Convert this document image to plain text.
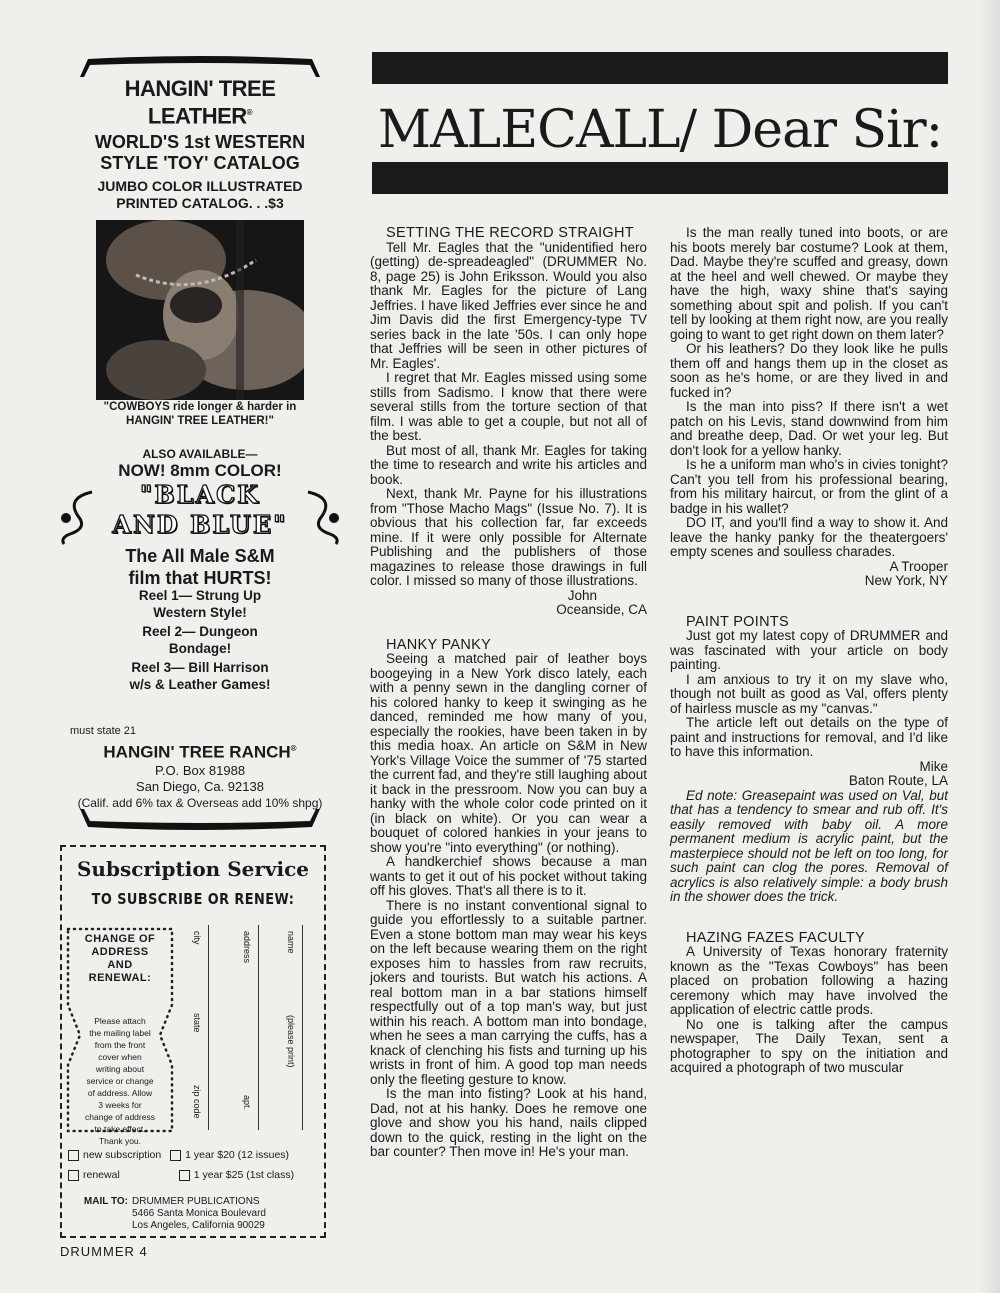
HANGIN' TREE
LEATHER®
WORLD'S 1st WESTERN
STYLE 'TOY' CATALOG
JUMBO COLOR ILLUSTRATED
PRINTED CATALOG. . .$3
"COWBOYS ride longer & harder in
HANGIN' TREE LEATHER!"
ALSO AVAILABLE—
NOW! 8mm COLOR!
"BLACK
AND BLUE"
The All Male S&M
film that HURTS!
Reel 1— Strung Up
Western Style!
Reel 2— Dungeon
Bondage!
Reel 3— Bill Harrison
w/s & Leather Games!
must state 21
HANGIN' TREE RANCH®
P.O. Box 81988
San Diego, Ca. 92138
(Calif. add 6% tax & Overseas add 10% shpg)
Subscription Service
TO SUBSCRIBE OR RENEW:
CHANGE OF
ADDRESS
AND
RENEWAL:
Please attach
the mailing label
from the front
cover when
writing about
service or change
of address. Allow
3 weeks for
change of address
to take effect.
Thank you.
city
state
zip code
address
apt.
name
(please print)
new subscription 1 year $20 (12 issues)
renewal	1 year $25 (1st class)
MAIL TO: DRUMMER PUBLICATIONS
5466 Santa Monica Boulevard
Los Angeles, California 90029
DRUMMER 4
MALECALL/ Dear Sir:

SETTING THE RECORD STRAIGHT

Tell Mr. Eagles that the "unidentified hero (getting) de-spreadeagled" (DRUMMER No. 8, page 25) is John Eriksson. Would you also thank Mr. Eagles for the picture of Lang Jeffries. I have liked Jeffries ever since he and Jim Davis did the first Emergency-type TV series back in the late '50s. I can only hope that Jeffries will be seen in other pictures of Mr. Eagles'.

I regret that Mr. Eagles missed using some stills from Sadismo. I know that there were several stills from the torture section of that film. I was able to get a couple, but not all of the best.

But most of all, thank Mr. Eagles for taking the time to research and write his articles and book.

Next, thank Mr. Payne for his illustrations from "Those Macho Mags" (Issue No. 7). It is obvious that his collection far, far exceeds mine. If it were only possible for Alternate Publishing and the publishers of those magazines to release those drawings in full color. I missed so many of those illustrations.

John

Oceanside, CA

HANKY PANKY

Seeing a matched pair of leather boys boogeying in a New York disco lately, each with a penny sewn in the dangling corner of his colored hanky to keep it swinging as he danced, reminded me how many of you, especially the rookies, have been taken in by this media hoax. An article on S&M in New York's Village Voice the summer of '75 started the current fad, and they're still laughing about it back in the pressroom. Now you can buy a hanky with the whole color code printed on it (in black on white). Or you can wear a bouquet of colored hankies in your jeans to show you're "into everything" (or nothing).

A handkerchief shows because a man wants to get it out of his pocket without taking off his gloves. That's all there is to it.

There is no instant conventional signal to guide you effortlessly to a suitable partner. Even a stone bottom man may wear his keys on the left because wearing them on the right exposes him to hassles from raw recruits, jokers and tourists. But watch his actions. A real bottom man in a bar stations himself respectfully out of a top man's way, but just within his reach. A bottom man into bondage, when he sees a man carrying the cuffs, has a knack of clenching his fists and turning up his wrists in front of him. A good top man needs only the fleeting gesture to know.

Is the man into fisting? Look at his hand, Dad, not at his hanky. Does he remove one glove and show you his hand, nails clipped down to the quick, resting in the light on the bar counter? Then move in! He's your man.

Is the man really tuned into boots, or are his boots merely bar costume? Look at them, Dad. Maybe they're scuffed and greasy, down at the heel and well chewed. Or maybe they have the high, waxy shine that's saying something about spit and polish. If you can't tell by looking at them right now, are you really going to want to get right down on them later?

Or his leathers? Do they look like he pulls them off and hangs them up in the closet as soon as he's home, or are they lived in and fucked in?

Is the man into piss? If there isn't a wet patch on his Levis, stand downwind from him and breathe deep, Dad. Or wet your leg. But don't look for a yellow hanky.

Is he a uniform man who's in civies tonight? Can't you tell from his professional bearing, from his military haircut, or from the glint of a badge in his wallet?

DO IT, and you'll find a way to show it. And leave the hanky panky for the theatergoers' empty scenes and soulless charades.

A Trooper

New York, NY

PAINT POINTS

Just got my latest copy of DRUMMER and was fascinated with your article on body painting.

I am anxious to try it on my slave who, though not built as good as Val, offers plenty of hairless muscle as my "canvas."

The article left out details on the type of paint and instructions for removal, and I'd like to have this information.

Mike

Baton Route, LA

Ed note: Greasepaint was used on Val, but that has a tendency to smear and rub off. It's easily removed with baby oil. A more permanent medium is acrylic paint, but the masterpiece should not be left on too long, for such paint can clog the pores. Removal of acrylics is also relatively simple: a body brush in the shower does the trick.

HAZING FAZES FACULTY

A University of Texas honorary fraternity known as the "Texas Cowboys" has been placed on probation following a hazing ceremony which may have involved the application of electric cattle prods.

No one is talking after the campus newspaper, The Daily Texan, sent a photographer to spy on the initiation and acquired a photograph of two muscular
